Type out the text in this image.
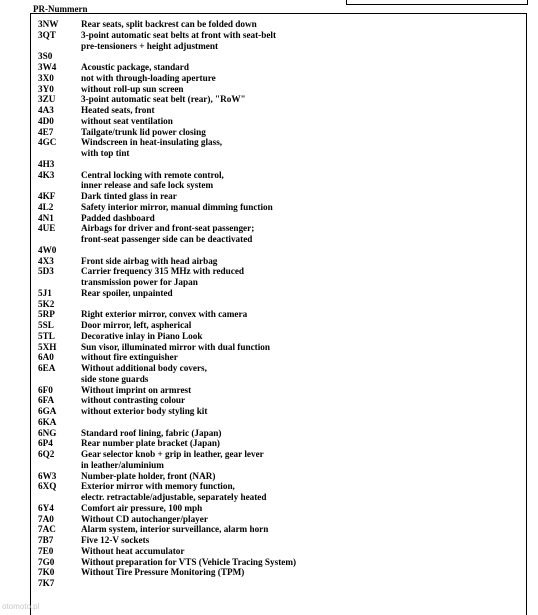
PR-Nummern
3NW	Rear seats, split backrest can be folded down
3QT	3-point automatic seat belts at front with seat-belt
pre-tensioners + height adjustment
3S0

3W4	Acoustic package, standard
3X0	not with through-loading aperture
3Y0	without roll-up sun screen
3ZU	3-point automatic seat belt (rear), "RoW"
4A3	Heated seats, front
4D0	without seat ventilation
4E7	Tailgate/trunk lid power closing
4GC	Windscreen in heat-insulating glass,
with top tint
4H3

4K3	Central locking with remote control,
inner release and safe lock system
4KF	Dark tinted glass in rear
4L2	Safety interior mirror, manual dimming function
4N1	Padded dashboard
4UE	Airbags for driver and front-seat passenger;
front-seat passenger side can be deactivated
4W0

4X3	Front side airbag with head airbag
5D3	Carrier frequency 315 MHz with reduced
transmission power for Japan
5J1	Rear spoiler, unpainted
5K2

5RP	Right exterior mirror, convex with camera
5SL	Door mirror, left, aspherical
5TL	Decorative inlay in Piano Look
5XH	Sun visor, illuminated mirror with dual function
6A0	without fire extinguisher
6EA	Without additional body covers,
side stone guards
6F0	Without imprint on armrest
6FA	without contrasting colour
6GA	without exterior body styling kit
6KA

6NG	Standard roof lining, fabric (Japan)
6P4	Rear number plate bracket (Japan)
6Q2	Gear selector knob + grip in leather, gear lever
in leather/aluminium
6W3	Number-plate holder, front (NAR)
6XQ	Exterior mirror with memory function,
electr. retractable/adjustable, separately heated
6Y4	Comfort air pressure, 100 mph
7A0	Without CD autochanger/player
7AC	Alarm system, interior surveillance, alarm horn
7B7	Five 12-V sockets
7E0	Without heat accumulator
7G0	Without preparation for VTS (Vehicle Tracing System)
7K0	Without Tire Pressure Monitoring (TPM)
7K7

otomoto.pl
